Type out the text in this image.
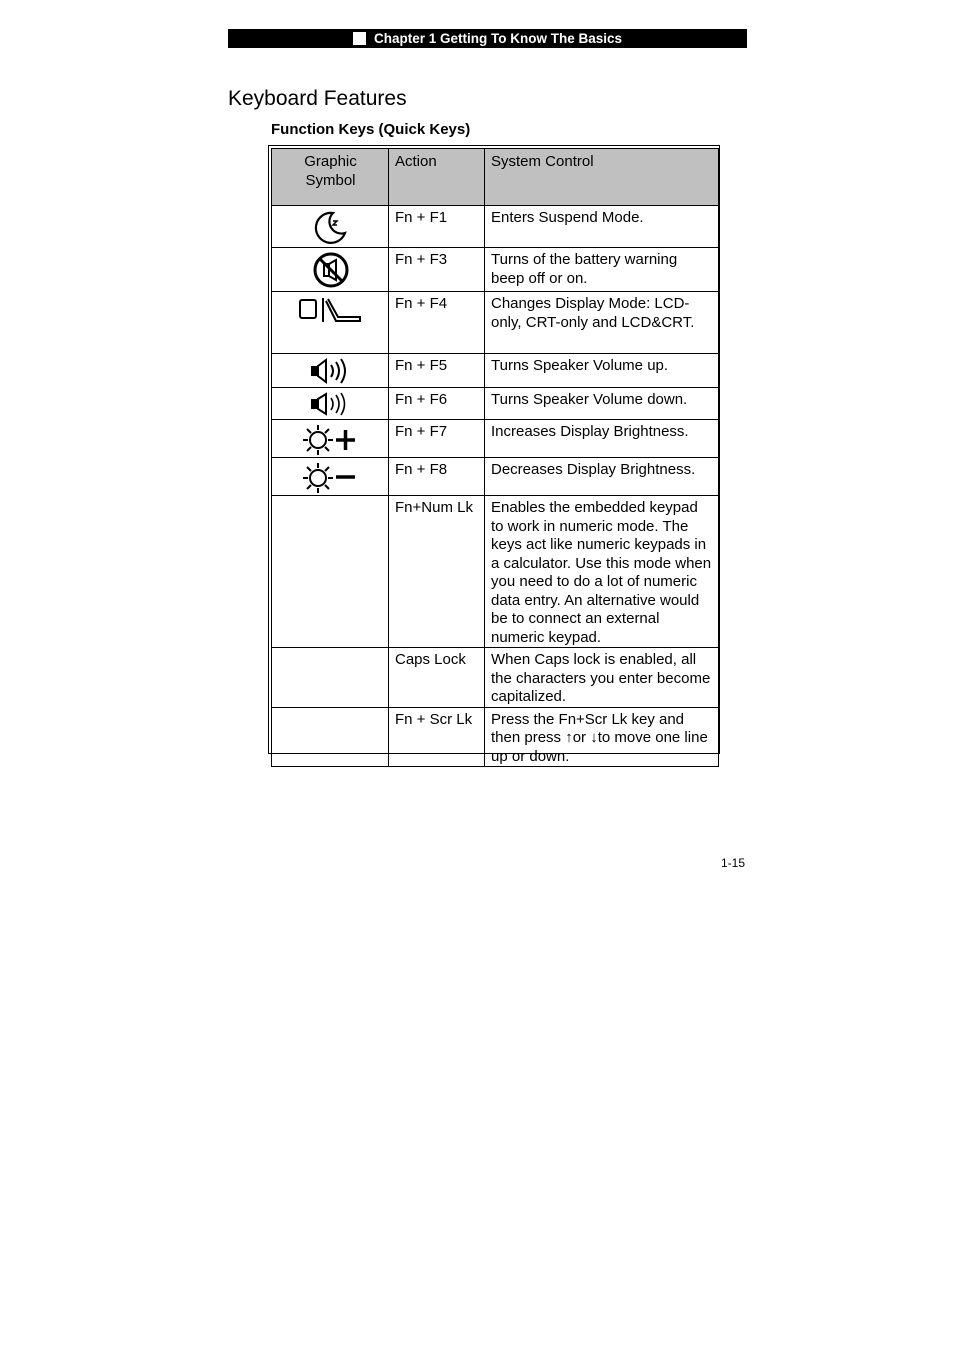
Chapter 1 Getting To Know The Basics
Keyboard Features
Function Keys (Quick Keys)
Graphic Symbol	Action	System Control

	Fn + F1	Enters Suspend Mode.

	Fn + F3	Turns of the battery warning beep off or on.

	Fn + F4	Changes Display Mode: LCD-only, CRT-only and LCD&CRT.

	Fn + F5	Turns Speaker Volume up.

	Fn + F6	Turns Speaker Volume down.

	Fn + F7	Increases Display Brightness.

	Fn + F8	Decreases Display Brightness.
	Fn+Num Lk	Enables the embedded keypad to work in numeric mode. The keys act like numeric keypads in a calculator. Use this mode when you need to do a lot of numeric data entry. An alternative would be to connect an external numeric keypad.
	Caps Lock	When Caps lock is enabled, all the characters you enter become capitalized.
	Fn + Scr Lk	Press the Fn+Scr Lk key and then press ↑or ↓to move one line up or down.
1-15
